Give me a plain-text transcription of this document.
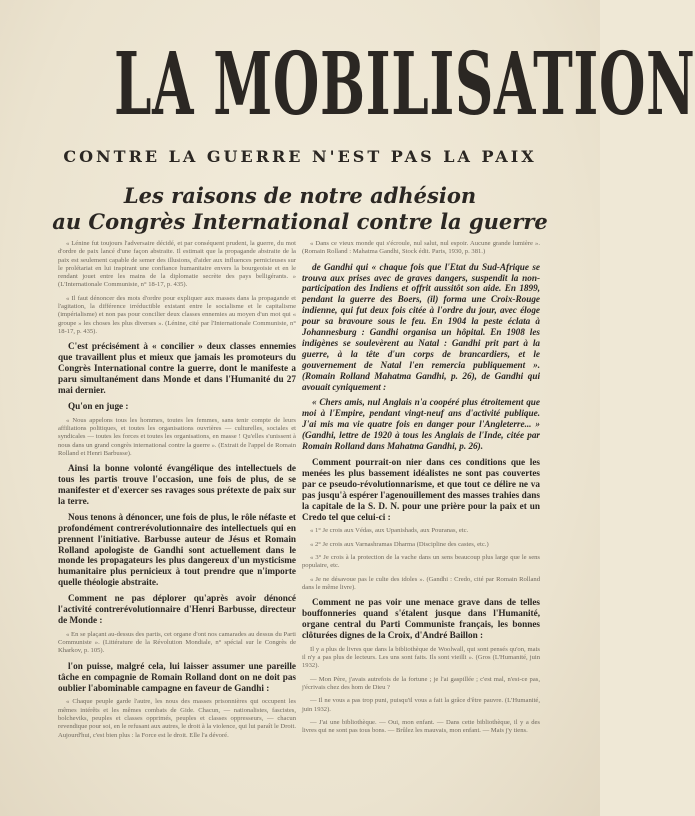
LA MOBILISATION
CONTRE LA GUERRE N'EST PAS LA PAIX
Les raisons de notre adhésion
au Congrès International contre la guerre

« Lénine fut toujours l'adversaire décidé, et par conséquent prudent, la guerre, du mot d'ordre de paix lancé d'une façon abstraite. Il estimait que la propagande abstraite de la paix est seulement capable de semer des illusions, d'aider aux influences pernicieuses sur le prolétariat en lui inspirant une confiance humanitaire envers la bourgeoisie et en le rendant jouet entre les mains de la diplomatie secrète des pays belligérants. » (L'Internationale Communiste, n° 18-17, p. 435).

« Il faut dénoncer des mots d'ordre pour expliquer aux masses dans la propagande et l'agitation, la différence irréductible existant entre le socialisme et le capitalisme (impérialisme) et non pas pour concilier deux classes ennemies au moyen d'un mot qui « groupe » les choses les plus diverses ». (Lénine, cité par l'Internationale Communiste, n° 18-17, p. 435).

C'est précisément à « concilier » deux classes ennemies que travaillent plus et mieux que jamais les promoteurs du Congrès International contre la guerre, dont le manifeste a paru simultanément dans Monde et dans l'Humanité du 27 mai dernier.

Qu'on en juge :

« Nous appelons tous les hommes, toutes les femmes, sans tenir compte de leurs affiliations politiques, et toutes les organisations ouvrières — culturelles, sociales et syndicales — toutes les forces et toutes les organisations, en masse ! Qu'elles s'unissent à nous dans un grand congrès international contre la guerre ». (Extrait de l'appel de Romain Rolland et Henri Barbusse).

Ainsi la bonne volonté évangélique des intellectuels de tous les partis trouve l'occasion, une fois de plus, de se manifester et d'exercer ses ravages sous prétexte de paix sur la terre.

Nous tenons à dénoncer, une fois de plus, le rôle néfaste et profondément contrerévolutionnaire des intellectuels qui en prennent l'initiative. Barbusse auteur de Jésus et Romain Rolland apologiste de Gandhi sont actuellement dans le monde les propagateurs les plus dangereux d'un mysticisme humanitaire plus pernicieux à tout prendre que n'importe quelle théologie abstraite.

Comment ne pas déplorer qu'après avoir dénoncé l'activité contrerévolutionnaire d'Henri Barbusse, directeur de Monde :

« En se plaçant au-dessus des partis, cet organe d'ont nos camarades au dessus du Parti Communiste ». (Littérature de la Révolution Mondiale, n° spécial sur le Congrès de Kharkov, p. 105).

l'on puisse, malgré cela, lui laisser assumer une pareille tâche en compagnie de Romain Rolland dont on ne doit pas oublier l'abominable campagne en faveur de Gandhi :

« Chaque peuple garde l'autre, les nous des masses prisonnières qui occupent les mêmes intérêts et les mêmes combats de Gide. Chacun, — nationalistes, fascistes, bolcheviks, peuples et classes opprimés, peuples et classes oppresseurs, — chacun revendique pour soi, en le refusant aux autres, le droit à la violence, qui lui paraît le Droit. Aujourd'hui, c'est bien plus : la Force est le droit. Elle l'a dévoré.

« Dans ce vieux monde qui s'écroule, nul salut, nul espoir. Aucune grande lumière ». (Romain Rolland : Mahatma Gandhi, Stock édit. Paris, 1930, p. 381.)

de Gandhi qui « chaque fois que l'Etat du Sud-Afrique se trouva aux prises avec de graves dangers, suspendit la non-participation des Indiens et offrit aussitôt son aide. En 1899, pendant la guerre des Boers, (il) forma une Croix-Rouge indienne, qui fut deux fois citée à l'ordre du jour, avec éloge pour sa bravoure sous le feu. En 1904 la peste éclata à Johannesburg : Gandhi organisa un hôpital. En 1908 les indigènes se soulevèrent au Natal : Gandhi prit part à la guerre, à la tête d'un corps de brancardiers, et le gouvernement de Natal l'en remercia publiquement ». (Romain Rolland Mahatma Gandhi, p. 26), de Gandhi qui avouait cyniquement :

« Chers amis, nul Anglais n'a coopéré plus étroitement que moi à l'Empire, pendant vingt-neuf ans d'activité publique. J'ai mis ma vie quatre fois en danger pour l'Angleterre... » (Gandhi, lettre de 1920 à tous les Anglais de l'Inde, citée par Romain Rolland dans Mahatma Gandhi, p. 26).

Comment pourrait-on nier dans ces conditions que les menées les plus bassement idéalistes ne sont pas couvertes par ce pseudo-révolutionnarisme, et que tout ce délire ne va pas jusqu'à espérer l'agenouillement des masses trahies dans la capitale de la S. D. N. pour une prière pour la paix et un Credo tel que celui-ci :

« 1° Je crois aux Védas, aux Upanishads, aux Pouranas, etc.

« 2° Je crois aux Varnashramas Dharma (Discipline des castes, etc.)

« 3° Je crois à la protection de la vache dans un sens beaucoup plus large que le sens populaire, etc.

« Je ne désavoue pas le culte des idoles ». (Gandhi : Credo, cité par Romain Rolland dans le même livre).

Comment ne pas voir une menace grave dans de telles bouffonneries quand s'étalent jusque dans l'Humanité, organe central du Parti Communiste français, les bonnes clôturées dignes de la Croix, d'André Baillon :

Il y a plus de livres que dans la bibliothèque de Woolwall, qui sont pensés qu'on, mais il n'y a pas plus de lecteurs. Les uns sont faits. Ils sont vieilli ». (Gros (L'Humanité, juin 1932).

— Mon Père, j'avais autrefois de la fortune ; je l'ai gaspillée ; c'est mal, n'est-ce pas, j'écrivais chez des hom de Dieu ?

— Il ne vous a pas trop puni, puisqu'il vous a fait la grâce d'être pauvre. (L'Humanité, juin 1932).

— J'ai une bibliothèque. — Oui, mon enfant. — Dans cette bibliothèque, il y a des livres qui ne sont pas tous bons. — Brûlez les mauvais, mon enfant. — Mais j'y tiens.
